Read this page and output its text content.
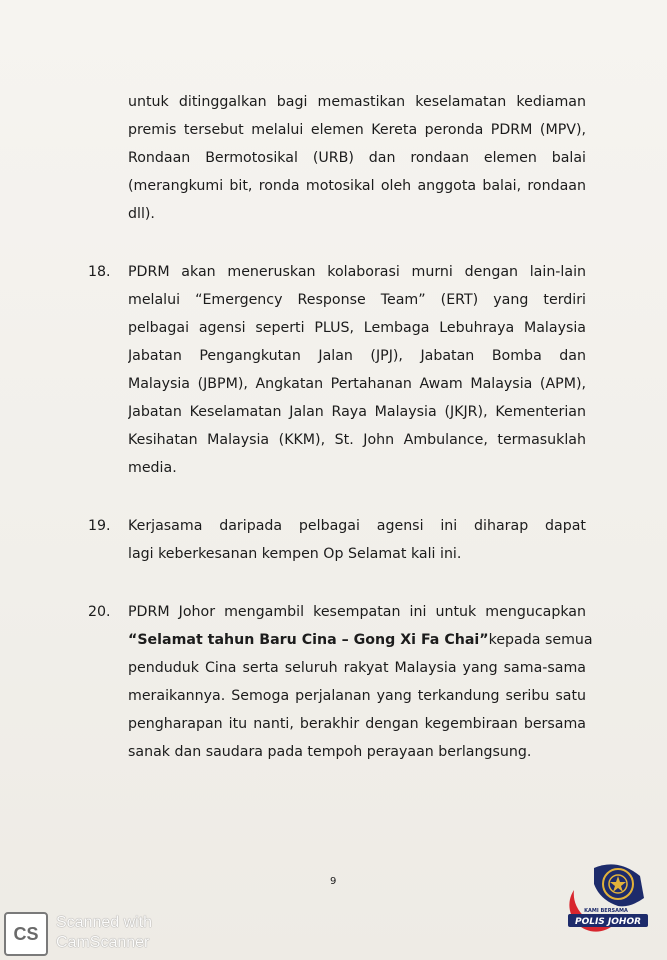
untuk ditinggalkan bagi memastikan keselamatan kediaman
premis tersebut melalui elemen Kereta peronda PDRM (MPV),
Rondaan Bermotosikal (URB) dan rondaan elemen balai
(merangkumi bit, ronda motosikal oleh anggota balai, rondaan
dll).
18. PDRM akan meneruskan kolaborasi murni dengan lain-lain
melalui “Emergency Response Team” (ERT) yang terdiri
pelbagai agensi seperti PLUS, Lembaga Lebuhraya Malaysia
Jabatan Pengangkutan Jalan (JPJ), Jabatan Bomba dan
Malaysia (JBPM), Angkatan Pertahanan Awam Malaysia (APM),
Jabatan Keselamatan Jalan Raya Malaysia (JKJR), Kementerian
Kesihatan Malaysia (KKM), St. John Ambulance, termasuklah
media.
19. Kerjasama daripada pelbagai agensi ini diharap dapat
lagi keberkesanan kempen Op Selamat kali ini.
20. PDRM Johor mengambil kesempatan ini untuk mengucapkan
“Selamat tahun Baru Cina – Gong Xi Fa Chai” kepada semua
penduduk Cina serta seluruh rakyat Malaysia yang sama-sama
meraikannya. Semoga perjalanan yang terkandung seribu satu
pengharapan itu nanti, berakhir dengan kegembiraan bersama
sanak dan saudara pada tempoh perayaan berlangsung.
9
CS
Scanned with
CamScanner
KAMI BERSAMA
POLIS JOHOR
